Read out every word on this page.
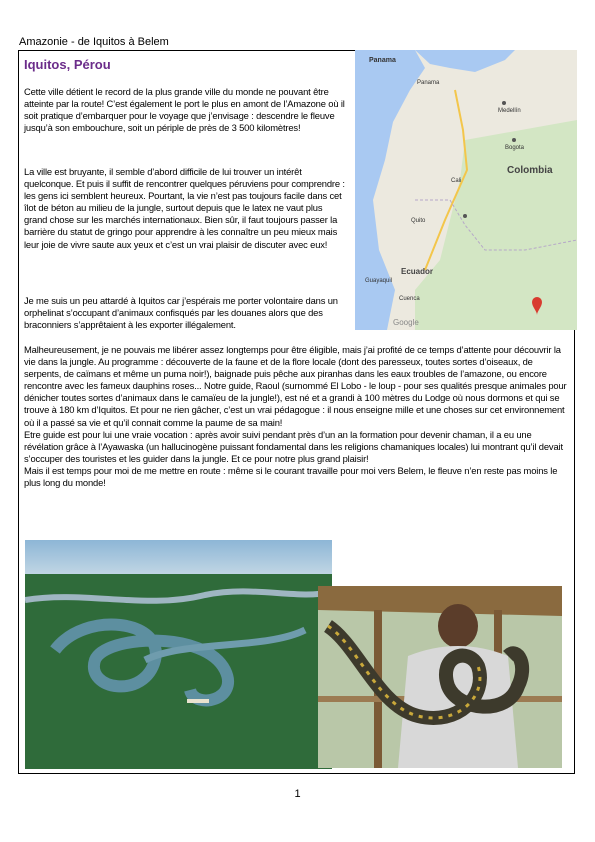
Amazonie - de Iquitos à Belem
Iquitos, Pérou

Cette ville détient le record de la plus grande ville du monde ne pouvant être atteinte par la route! C’est également le port le plus en amont de l’Amazone où il soit pratique d’embarquer pour le voyage que j’envisage : descendre le fleuve jusqu’à son embouchure, soit un périple de près de 3 500 kilomètres!

La ville est bruyante, il semble d’abord difficile de lui trouver un intérêt quelconque. Et puis il suffit de rencontrer quelques péruviens pour comprendre : les gens ici semblent heureux. Pourtant, la vie n’est pas toujours facile dans cet îlot de béton au milieu de la jungle, surtout depuis que le latex ne vaut plus grand chose sur les marchés internationaux. Bien sûr, il faut toujours passer la barrière du statut de gringo pour apprendre à les connaître un peu mieux mais leur joie de vivre saute aux yeux et c’est un vrai plaisir de discuter avec eux!

Je me suis un peu attardé à Iquitos car j’espérais me porter volontaire dans un orphelinat s’occupant d’animaux confisqués par les douanes alors que des braconniers s’apprêtaient à les exporter illégalement.

Malheureusement, je ne pouvais me libérer assez longtemps pour être éligible, mais j’ai profité de ce temps d’attente pour découvrir la vie dans la jungle. Au programme : découverte de la faune et de la flore locale (dont des paresseux, toutes sortes d’oiseaux, de serpents, de caïmans et même un puma noir!), baignade puis pêche aux piranhas dans les eaux troubles de l’amazone, ou encore rencontre avec les fameux dauphins roses... Notre guide, Raoul (surnommé El Lobo - le loup - pour ses qualités presque animales pour dénicher toutes sortes d’animaux dans le camaïeu de la jungle!), est né et a grandi à 100 mètres du Lodge où nous dormons et qui se trouve à 180 km d’Iquitos. Et pour ne rien gâcher, c’est un vrai pédagogue : il nous enseigne mille et une choses sur cet environnement où il a passé sa vie et qu’il connait comme la paume de sa main!

Etre guide est pour lui une vraie vocation : après avoir suivi pendant près d’un an la formation pour devenir chaman, il a eu une révélation grâce à l’Ayawaska (un hallucinogène puissant fondamental dans les religions chamaniques locales) lui montrant qu’il devait s’occuper des touristes et les guider dans la jungle. Et ce pour notre plus grand plaisir!

Mais il est temps pour moi de me mettre en route : même si le courant travaille pour moi vers Belem, le fleuve n’en reste pas moins le plus long du monde!

Panama
Panama
Medellín
Bogota
Colombia
Cali
Quito
Ecuador
Guayaquil
Cuenca
Google
1
